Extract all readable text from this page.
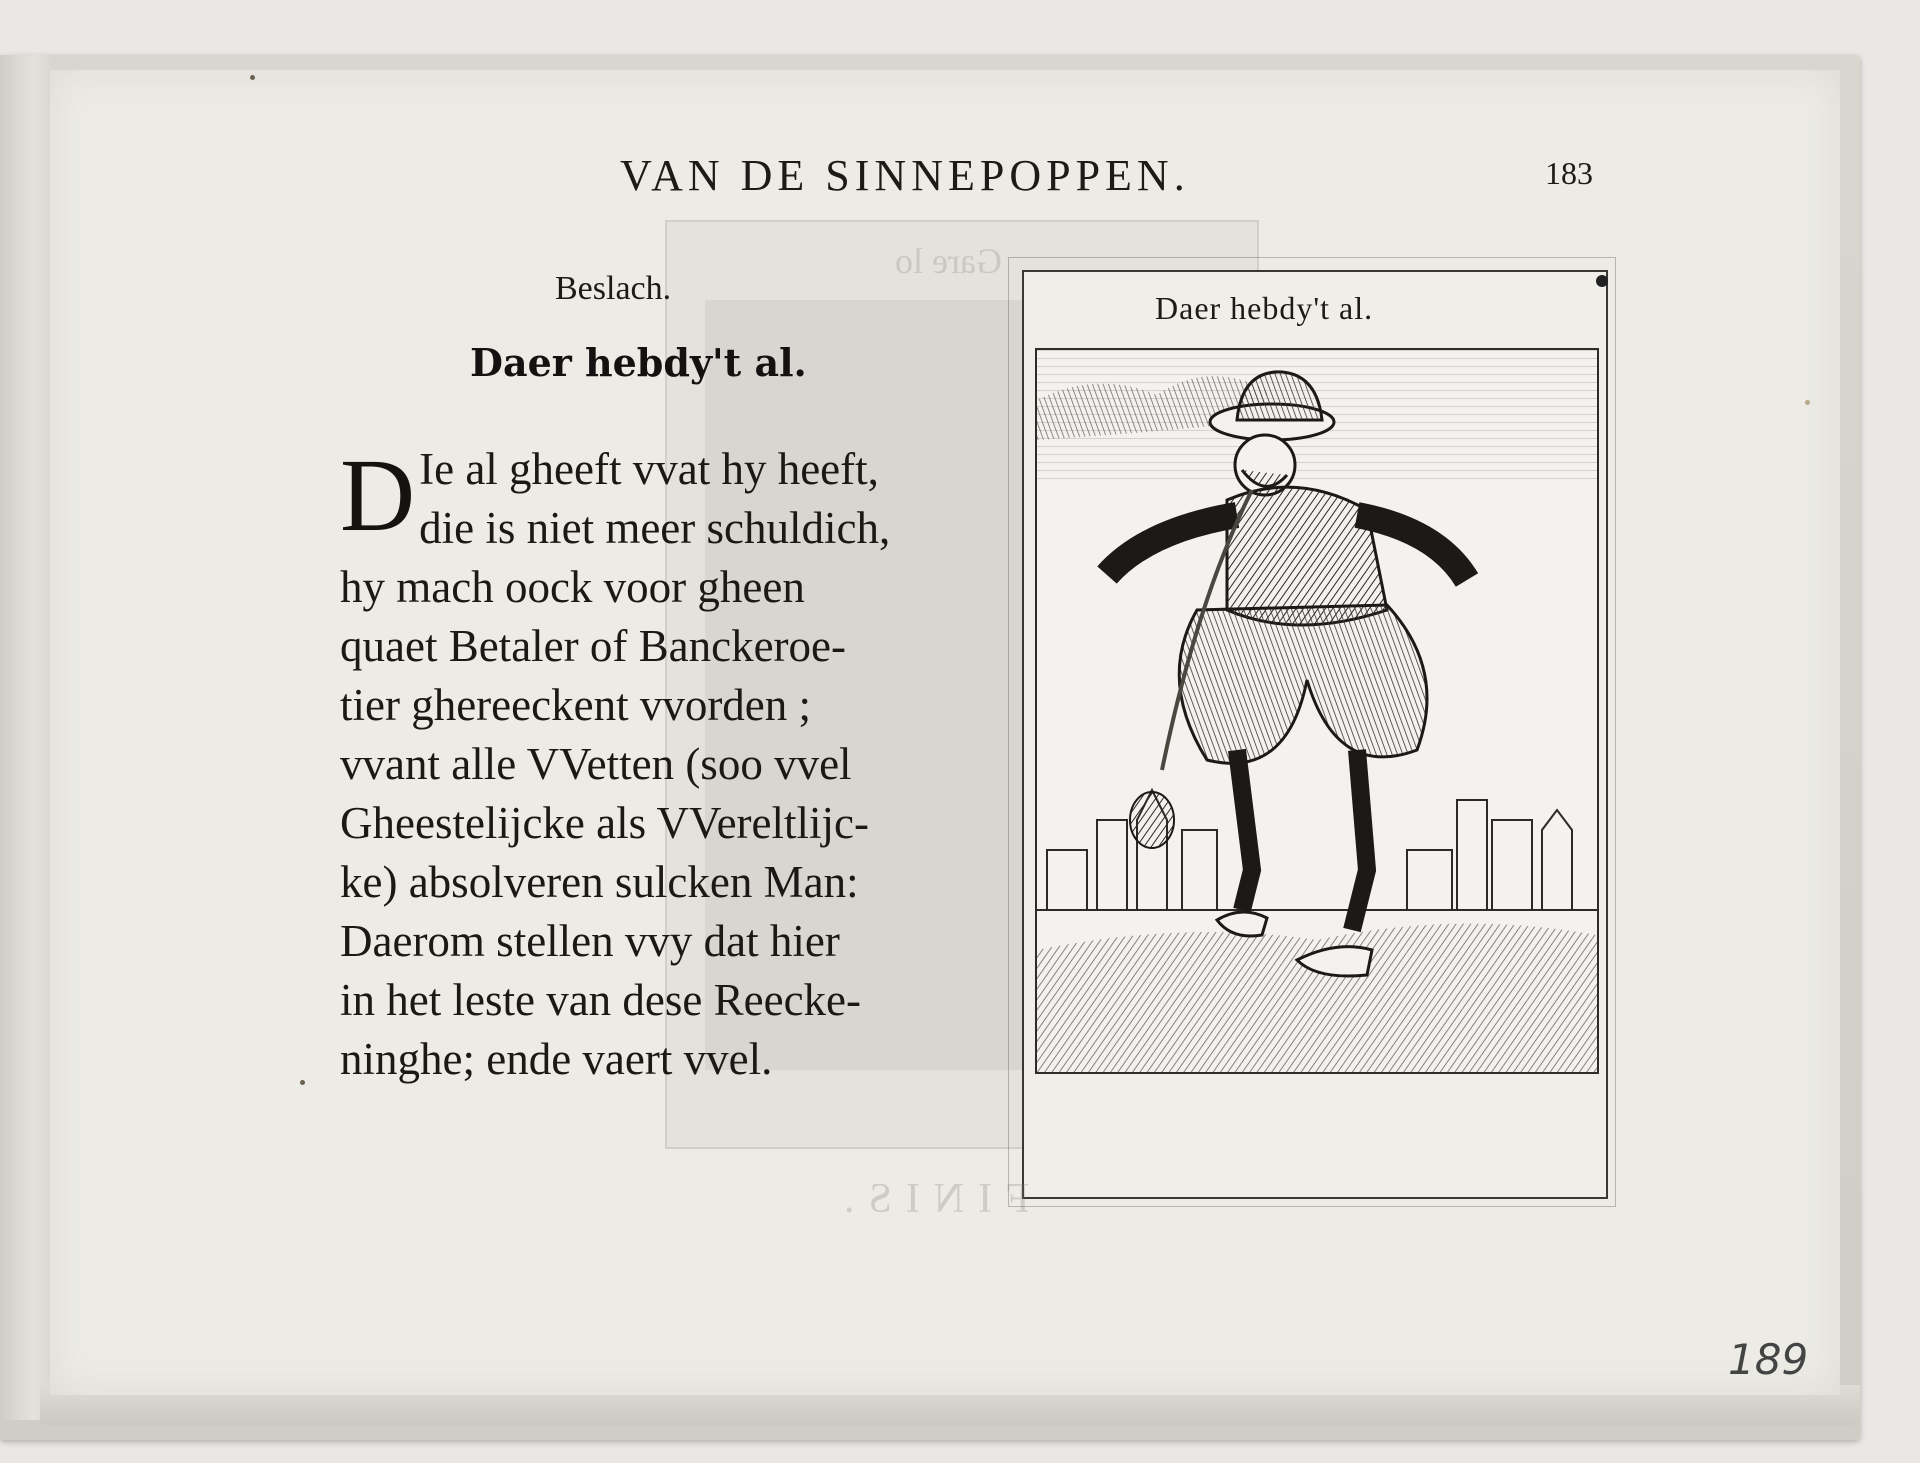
VAN DE SINNEPOPPEN.	183
Beslach.
Daer hebdy't al.
D Ie al gheeft vvat hy heeft,
die is niet meer schuldich,
hy mach oock voor gheen
quaet Betaler of Banckeroe-
tier ghereeckent vvorden ;
vvant alle VVetten (soo vvel
Gheestelijcke als VVereltlijc-
ke) absolveren sulcken Man:
Daerom stellen vvy dat hier
in het leste van dese Reecke-
ninghe; ende vaert vvel.
Daer hebdy't al.
Gare lo
FINIS.
189
